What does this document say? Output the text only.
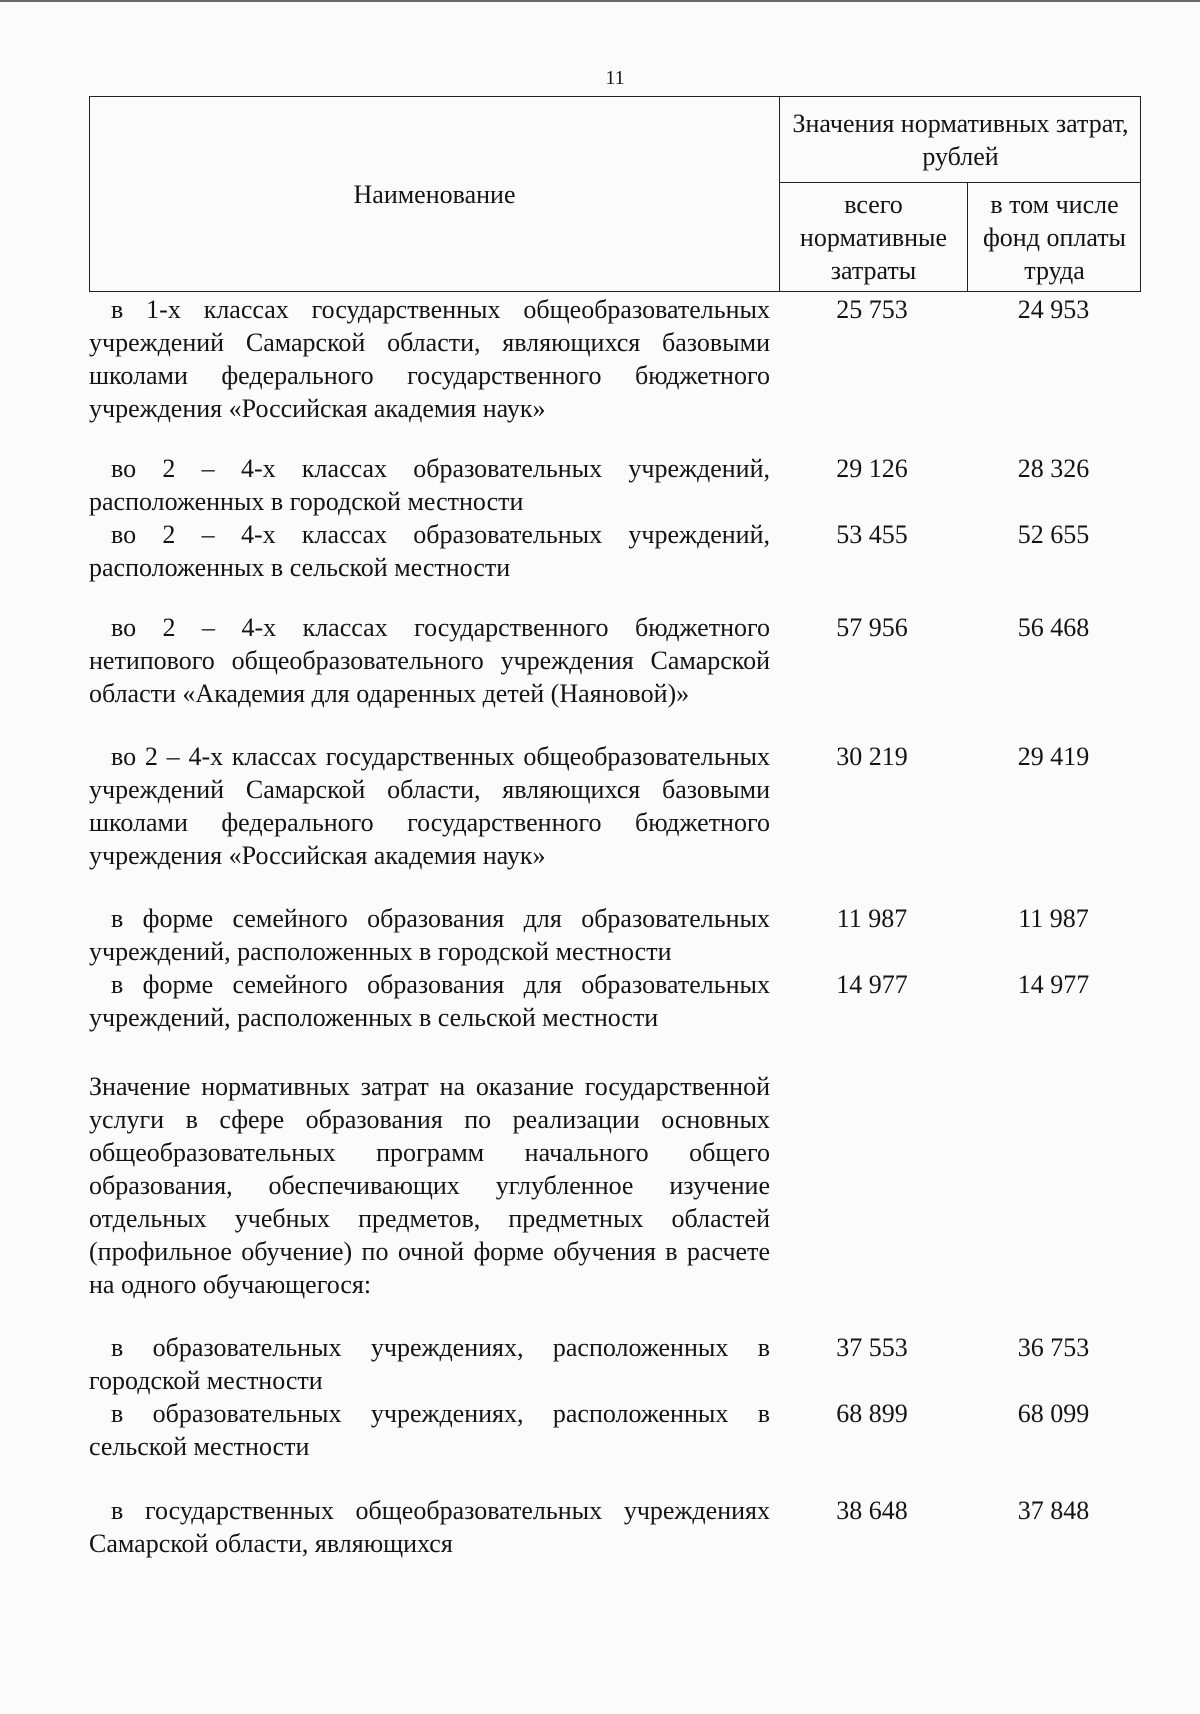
11
Наименование
Значения нормативных затрат, рублей
всего нормативные затраты
в том числе фонд оплаты труда
в 1-х классах государственных общеобразовательных учреждений Самарской области, являющихся базовыми школами федерального государственного бюджетного учреждения «Российская академия наук»
25 753	24 953
во 2 – 4-х классах образовательных учреждений, расположенных в городской местности
29 126	28 326
во 2 – 4-х классах образовательных учреждений, расположенных в сельской местности
53 455	52 655
во 2 – 4-х классах государственного бюджетного нетипового общеобразовательного учреждения Самарской области «Академия для одаренных детей (Наяновой)»
57 956	56 468
во 2 – 4-х классах государственных общеобразовательных учреждений Самарской области, являющихся базовыми школами федерального государственного бюджетного учреждения «Российская академия наук»
30 219	29 419
в форме семейного образования для образовательных учреждений, расположенных в городской местности
11 987	11 987
в форме семейного образования для образовательных учреждений, расположенных в сельской местности
14 977	14 977
Значение нормативных затрат на оказание государственной услуги в сфере образования по реализации основных общеобразовательных программ начального общего образования, обеспечивающих углубленное изучение отдельных учебных предметов, предметных областей (профильное обучение) по очной форме обучения в расчете на одного обучающегося:
в образовательных учреждениях, расположенных в городской местности
37 553	36 753
в образовательных учреждениях, расположенных в сельской местности
68 899	68 099
в государственных общеобразовательных учреждениях Самарской области, являющихся
38 648	37 848
